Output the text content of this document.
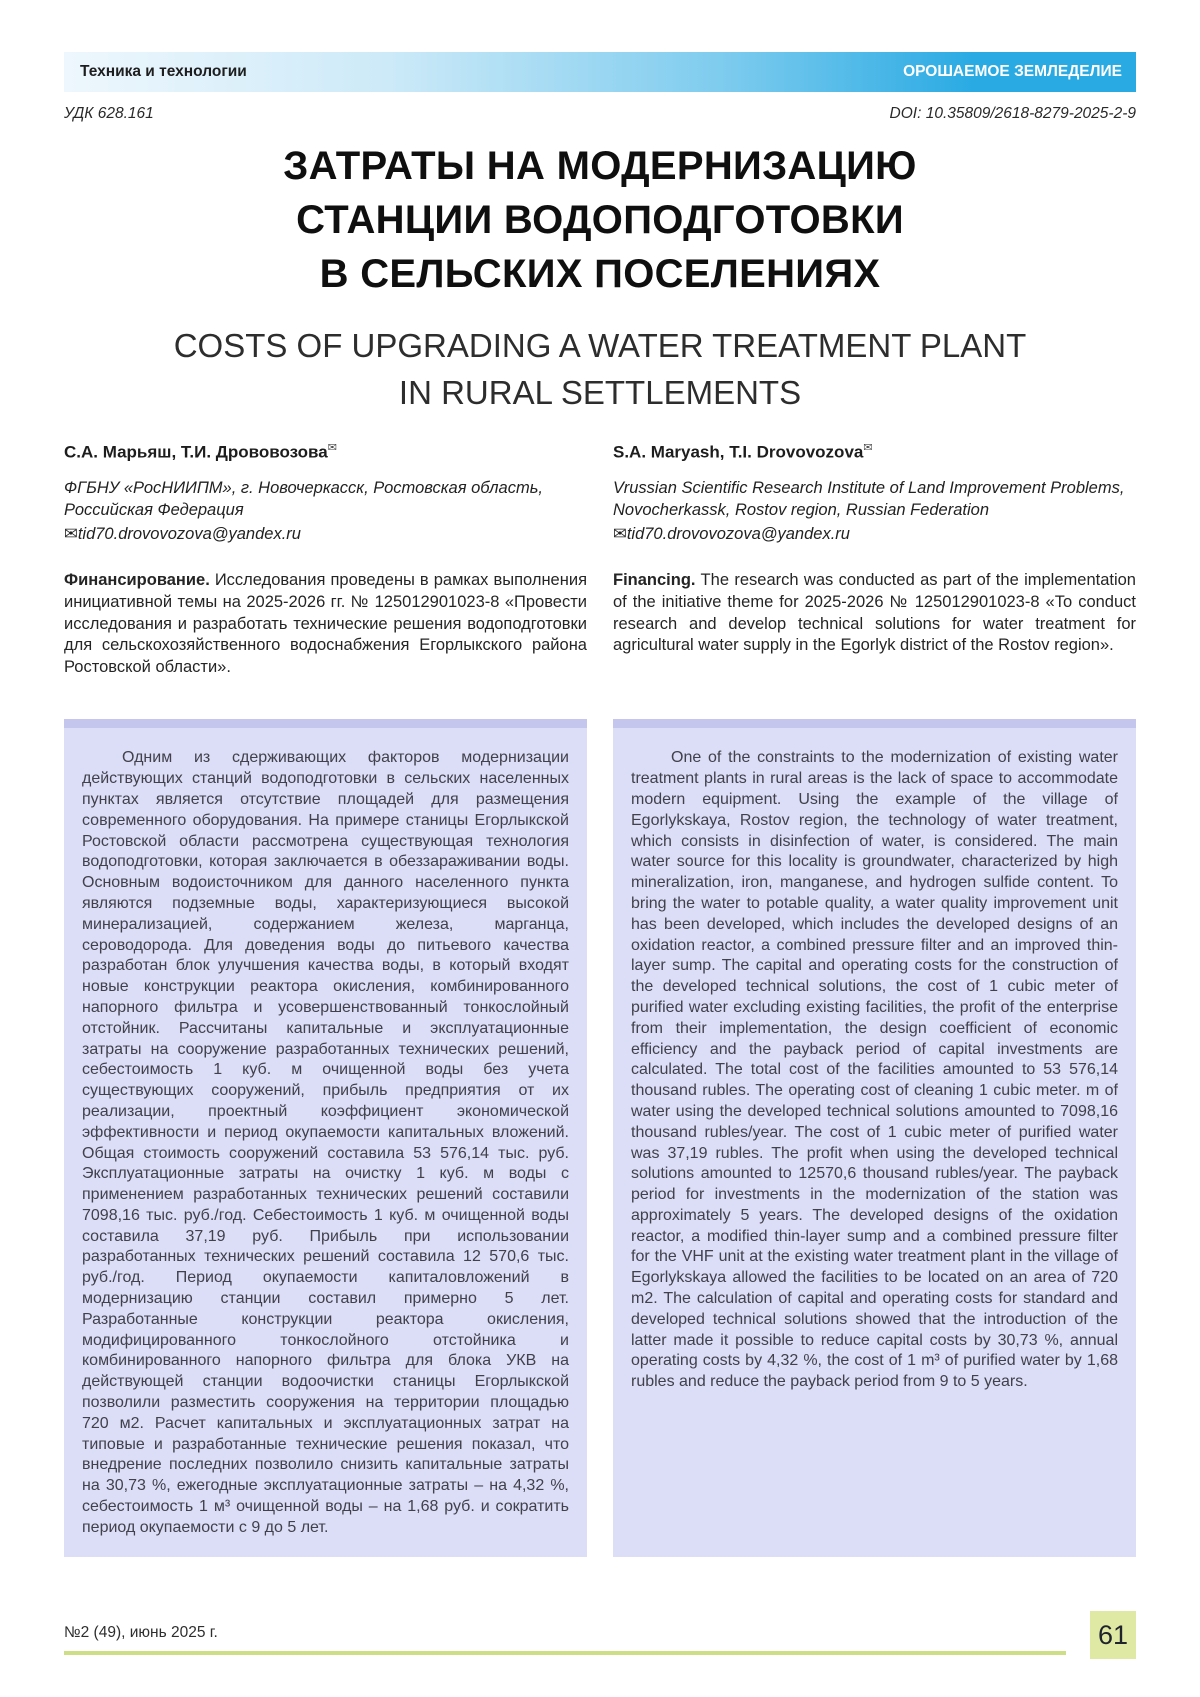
Техника и технологии	ОРОШАЕМОЕ ЗЕМЛЕДЕЛИЕ
УДК 628.161	DOI: 10.35809/2618-8279-2025-2-9
ЗАТРАТЫ НА МОДЕРНИЗАЦИЮ
СТАНЦИИ ВОДОПОДГОТОВКИ
В СЕЛЬСКИХ ПОСЕЛЕНИЯХ
COSTS OF UPGRADING A WATER TREATMENT PLANT
IN RURAL SETTLEMENTS
С.А. Марьяш, Т.И. Дрововозова✉
ФГБНУ «РосНИИПМ», г. Новочеркасск, Ростовская область, Российская Федерация
✉tid70.drovovozova@yandex.ru
S.A. Maryash, T.I. Drovovozova✉
Vrussian Scientific Research Institute of Land Improvement Problems, Novocherkassk, Rostov region, Russian Federation
✉tid70.drovovozova@yandex.ru

Финансирование. Исследования проведены в рамках выполнения инициативной темы на 2025-2026 гг. № 125012901023-8 «Провести исследования и разработать технические решения водоподготовки для сельскохозяйственного водоснабжения Егорлыкского района Ростовской области».

Financing. The research was conducted as part of the implementation of the initiative theme for 2025-2026 № 125012901023-8 «To conduct research and develop technical solutions for water treatment for agricultural water supply in the Egorlyk district of the Rostov region».

Одним из сдерживающих факторов модернизации действующих станций водоподготовки в сельских населенных пунктах является отсутствие площадей для размещения современного оборудования. На примере станицы Егорлыкской Ростовской области рассмотрена существующая технология водоподготовки, которая заключается в обеззараживании воды. Основным водоисточником для данного населенного пункта являются подземные воды, характеризующиеся высокой минерализацией, содержанием железа, марганца, сероводорода. Для доведения воды до питьевого качества разработан блок улучшения качества воды, в который входят новые конструкции реактора окисления, комбинированного напорного фильтра и усовершенствованный тонкослойный отстойник. Рассчитаны капитальные и эксплуатационные затраты на сооружение разработанных технических решений, себестоимость 1 куб. м очищенной воды без учета существующих сооружений, прибыль предприятия от их реализации, проектный коэффициент экономической эффективности и период окупаемости капитальных вложений. Общая стоимость сооружений составила 53 576,14 тыс. руб. Эксплуатационные затраты на очистку 1 куб. м воды с применением разработанных технических решений составили 7098,16 тыс. руб./год. Себестоимость 1 куб. м очищенной воды составила 37,19 руб. Прибыль при использовании разработанных технических решений составила 12 570,6 тыс. руб./год. Период окупаемости капиталовложений в модернизацию станции составил примерно 5 лет. Разработанные конструкции реактора окисления, модифицированного тонкослойного отстойника и комбинированного напорного фильтра для блока УКВ на действующей станции водоочистки станицы Егорлыкской позволили разместить сооружения на территории площадью 720 м2. Расчет капитальных и эксплуатационных затрат на типовые и разработанные технические решения показал, что внедрение последних позволило снизить капитальные затраты на 30,73 %, ежегодные эксплуатационные затраты – на 4,32 %, себестоимость 1 м³ очищенной воды – на 1,68 руб. и сократить период окупаемости с 9 до 5 лет.

One of the constraints to the modernization of existing water treatment plants in rural areas is the lack of space to accommodate modern equipment. Using the example of the village of Egorlykskaya, Rostov region, the technology of water treatment, which consists in disinfection of water, is considered. The main water source for this locality is groundwater, characterized by high mineralization, iron, manganese, and hydrogen sulfide content. To bring the water to potable quality, a water quality improvement unit has been developed, which includes the developed designs of an oxidation reactor, a combined pressure filter and an improved thin-layer sump. The capital and operating costs for the construction of the developed technical solutions, the cost of 1 cubic meter of purified water excluding existing facilities, the profit of the enterprise from their implementation, the design coefficient of economic efficiency and the payback period of capital investments are calculated. The total cost of the facilities amounted to 53 576,14 thousand rubles. The operating cost of cleaning 1 cubic meter. m of water using the developed technical solutions amounted to 7098,16 thousand rubles/year. The cost of 1 cubic meter of purified water was 37,19 rubles. The profit when using the developed technical solutions amounted to 12570,6 thousand rubles/year. The payback period for investments in the modernization of the station was approximately 5 years. The developed designs of the oxidation reactor, a modified thin-layer sump and a combined pressure filter for the VHF unit at the existing water treatment plant in the village of Egorlykskaya allowed the facilities to be located on an area of 720 m2. The calculation of capital and operating costs for standard and developed technical solutions showed that the introduction of the latter made it possible to reduce capital costs by 30,73 %, annual operating costs by 4,32 %, the cost of 1 m³ of purified water by 1,68 rubles and reduce the payback period from 9 to 5 years.

№2 (49), июнь 2025 г.	61
